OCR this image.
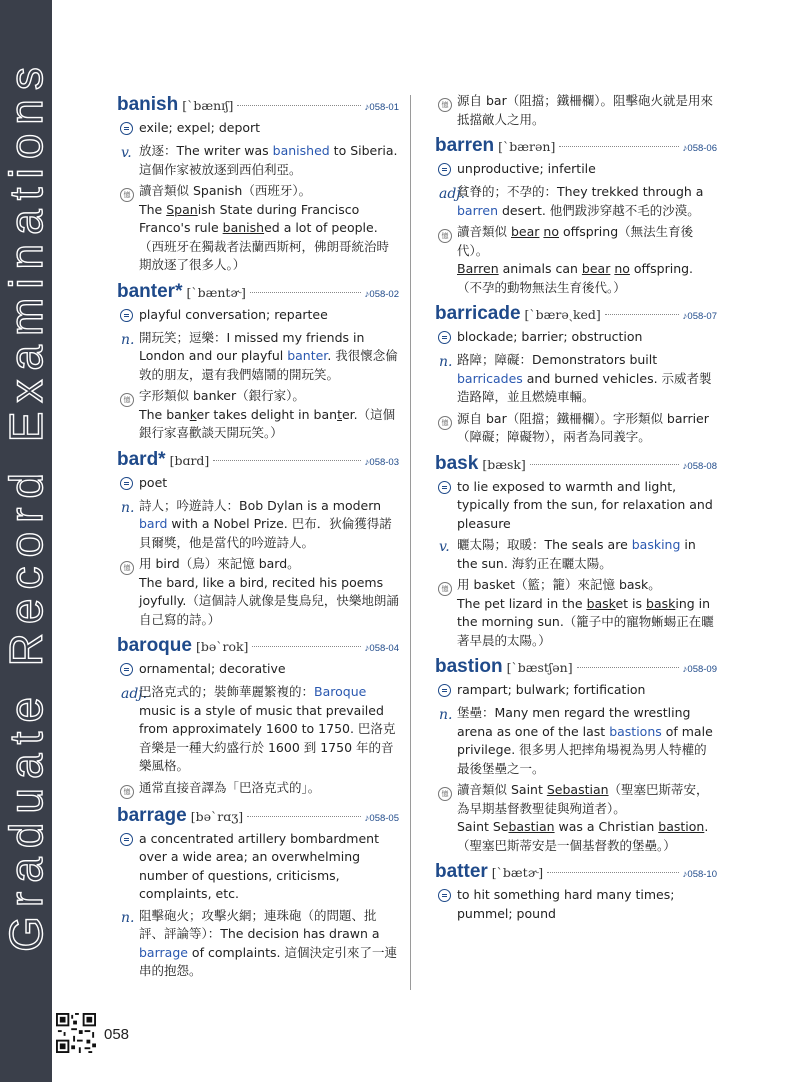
Graduate Record Examinations	banish [ˋbænɪʃ]	♪058-01
exile; expel; deport
v. 放逐：The writer was banished to Siberia. 這個作家被放逐到西伯利亞。
憶 讀音類似 Spanish（西班牙）。
The Spanish State during Francisco Franco's rule banished a lot of people.（西班牙在獨裁者法蘭西斯柯，佛朗哥統治時期放逐了很多人。）
banter* [ˋbæntɚ]	♪058-02
playful conversation; repartee
n. 開玩笑；逗樂：I missed my friends in London and our playful banter. 我很懷念倫敦的朋友，還有我們嬉鬧的開玩笑。
憶 字形類似 banker（銀行家）。
The banker takes delight in banter.（這個銀行家喜歡談天開玩笑。）
bard* [bɑrd]	♪058-03
poet
n. 詩人；吟遊詩人：Bob Dylan is a modern bard with a Nobel Prize. 巴布．狄倫獲得諾貝爾獎，他是當代的吟遊詩人。
憶 用 bird（鳥）來記憶 bard。
The bard, like a bird, recited his poems joyfully.（這個詩人就像是隻鳥兒，快樂地朗誦自己寫的詩。）
baroque [bəˋrok]	♪058-04
ornamental; decorative
adj.
巴洛克式的；裝飾華麗繁複的：Baroque music is a style of music that prevailed from approximately 1600 to 1750. 巴洛克音樂是一種大約盛行於 1600 到 1750 年的音樂風格。
憶 通常直接音譯為「巴洛克式的」。
barrage [bəˋrɑʒ]	♪058-05
a concentrated artillery bombardment over a wide area; an overwhelming number of questions, criticisms, complaints, etc.
n. 阻擊砲火；攻擊火網；連珠砲（的問題、批評、評論等）：The decision has drawn a barrage of complaints. 這個決定引來了一連串的抱怨。
憶 源自 bar（阻擋；鐵柵欄）。阻擊砲火就是用來抵擋敵人之用。
barren [ˋbærən]	♪058-06
unproductive; infertile
adj.
貧脊的；不孕的：They trekked through a barren desert. 他們跋涉穿越不毛的沙漠。
憶 讀音類似 bear no offspring（無法生育後代）。
Barren animals can bear no offspring.（不孕的動物無法生育後代。）
barricade [ˋbærəˏked]	♪058-07
blockade; barrier; obstruction
n. 路障；障礙：Demonstrators built barricades and burned vehicles. 示威者製造路障，並且燃燒車輛。
憶 源自 bar（阻擋；鐵柵欄）。字形類似 barrier（障礙；障礙物），兩者為同義字。
bask [bæsk]	♪058-08
to lie exposed to warmth and light, typically from the sun, for relaxation and pleasure
v. 曬太陽；取暖：The seals are basking in the sun. 海豹正在曬太陽。
憶 用 basket（籃；籠）來記憶 bask。
The pet lizard in the basket is basking in the morning sun.（籠子中的寵物蜥蜴正在曬著早晨的太陽。）
bastion [ˋbæstʃən]	♪058-09
rampart; bulwark; fortification
n. 堡壘：Many men regard the wrestling arena as one of the last bastions of male privilege. 很多男人把摔角場視為男人特權的最後堡壘之一。
憶 讀音類似 Saint Sebastian（聖塞巴斯蒂安，為早期基督教聖徒與殉道者）。
Saint Sebastian was a Christian bastion.（聖塞巴斯蒂安是一個基督教的堡壘。）
batter [ˋbætɚ]	♪058-10
to hit something hard many times; pummel; pound
058
